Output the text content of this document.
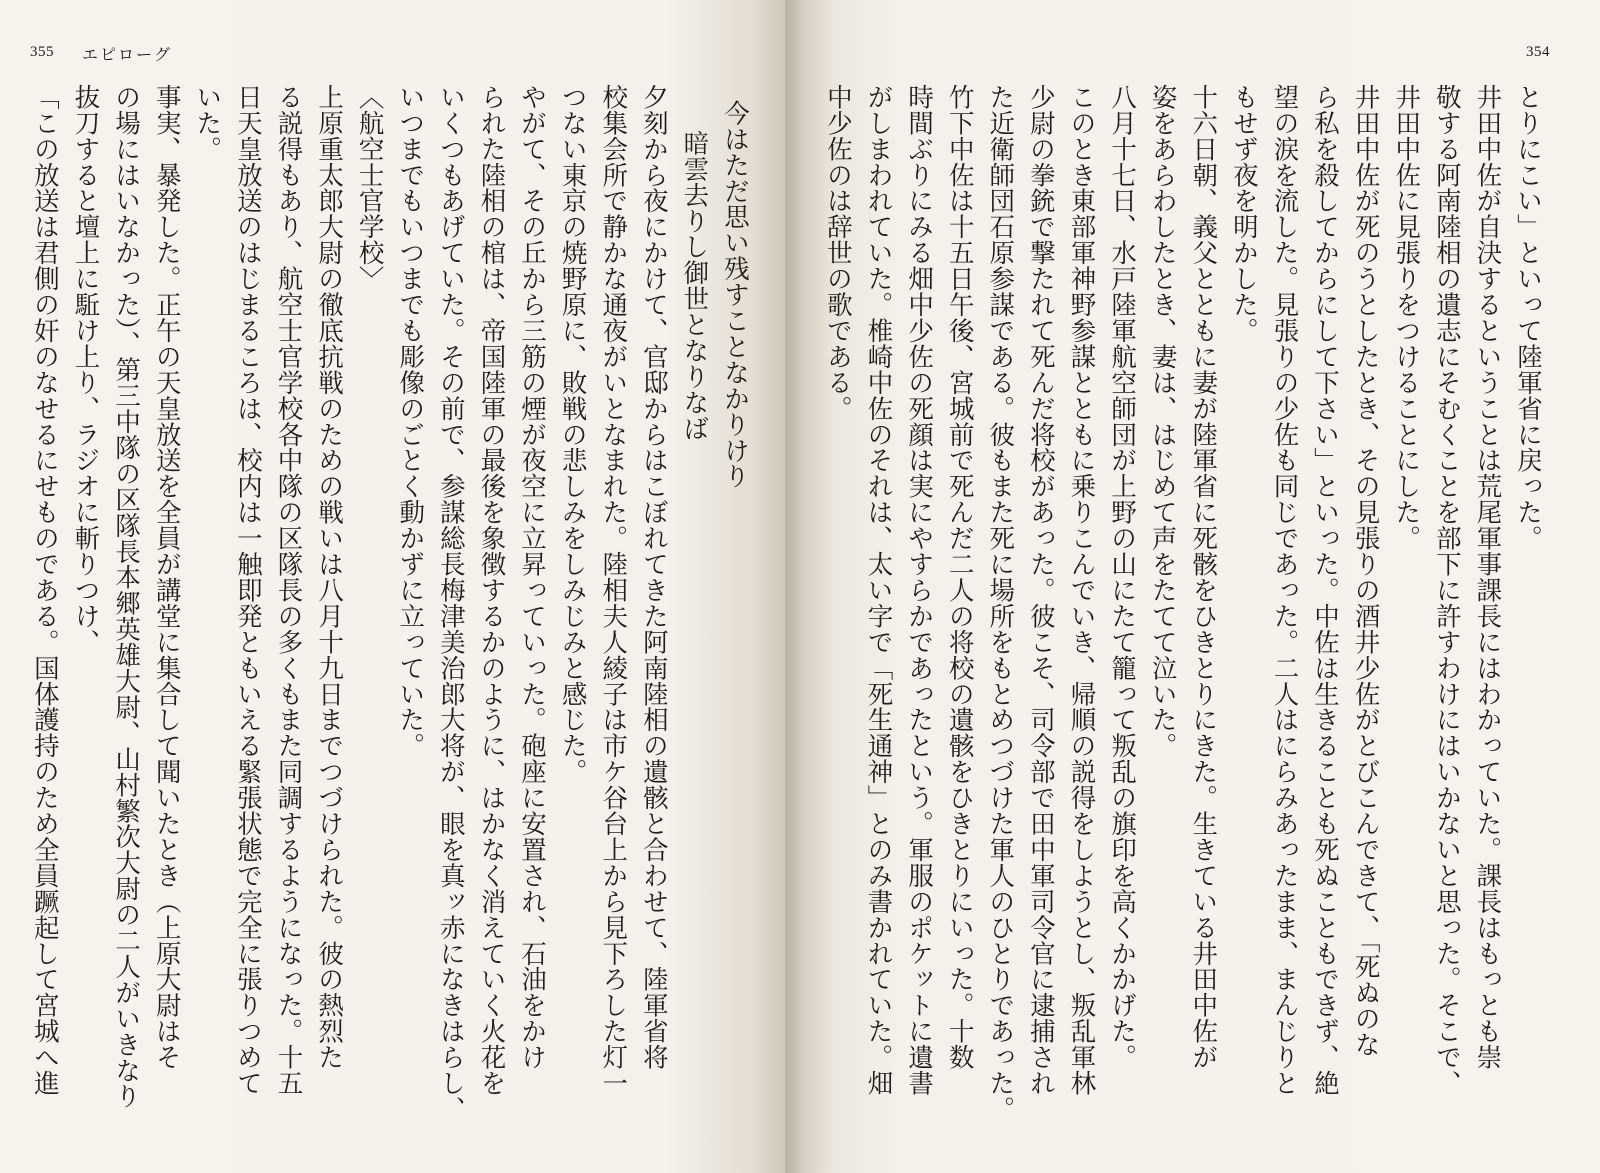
355 エピローグ
今はただ思い残すことなかりけり
暗雲去りし御世となりなば
夕刻から夜にかけて、官邸からはこぼれてきた阿南陸相の遺骸と合わせて、陸軍省将
校集会所で静かな通夜がいとなまれた。陸相夫人綾子は市ケ谷台上から見下ろした灯一
つない東京の焼野原に、敗戦の悲しみをしみじみと感じた。
やがて、その丘から三筋の煙が夜空に立昇っていった。砲座に安置され、石油をかけ
られた陸相の棺は、帝国陸軍の最後を象徴するかのように、はかなく消えていく火花を
いくつもあげていた。その前で、参謀総長梅津美治郎大将が、眼を真ッ赤になきはらし、
いつまでもいつまでも彫像のごとく動かずに立っていた。
〈航空士官学校〉
上原重太郎大尉の徹底抗戦のための戦いは八月十九日までつづけられた。彼の熱烈た
る説得もあり、航空士官学校各中隊の区隊長の多くもまた同調するようになった。十五
日天皇放送のはじまるころは、校内は一触即発ともいえる緊張状態で完全に張りつめて
いた。
事実、暴発した。正午の天皇放送を全員が講堂に集合して聞いたとき（上原大尉はそ
の場にはいなかった）、第三中隊の区隊長本郷英雄大尉、山村繁次大尉の二人がいきなり
抜刀すると壇上に駈け上り、ラジオに斬りつけ、
「この放送は君側の奸のなせるにせものである。国体護持のため全員蹶起して宮城へ進
354
とりにこい」といって陸軍省に戻った。
井田中佐が自決するということは荒尾軍事課長にはわかっていた。課長はもっとも崇
敬する阿南陸相の遺志にそむくことを部下に許すわけにはいかないと思った。そこで、
井田中佐に見張りをつけることにした。
井田中佐が死のうとしたとき、その見張りの酒井少佐がとびこんできて、「死ぬのな
ら私を殺してからにして下さい」といった。中佐は生きることも死ぬこともできず、絶
望の涙を流した。見張りの少佐も同じであった。二人はにらみあったまま、まんじりと
もせず夜を明かした。
十六日朝、義父とともに妻が陸軍省に死骸をひきとりにきた。生きている井田中佐が
姿をあらわしたとき、妻は、はじめて声をたてて泣いた。
八月十七日、水戸陸軍航空師団が上野の山にたて籠って叛乱の旗印を高くかかげた。
このとき東部軍神野参謀とともに乗りこんでいき、帰順の説得をしようとし、叛乱軍林
少尉の拳銃で撃たれて死んだ将校があった。彼こそ、司令部で田中軍司令官に逮捕され
た近衛師団石原参謀である。彼もまた死に場所をもとめつづけた軍人のひとりであった。
竹下中佐は十五日午後、宮城前で死んだ二人の将校の遺骸をひきとりにいった。十数
時間ぶりにみる畑中少佐の死顔は実にやすらかであったという。軍服のポケットに遺書
がしまわれていた。椎崎中佐のそれは、太い字で「死生通神」とのみ書かれていた。畑
中少佐のは辞世の歌である。
